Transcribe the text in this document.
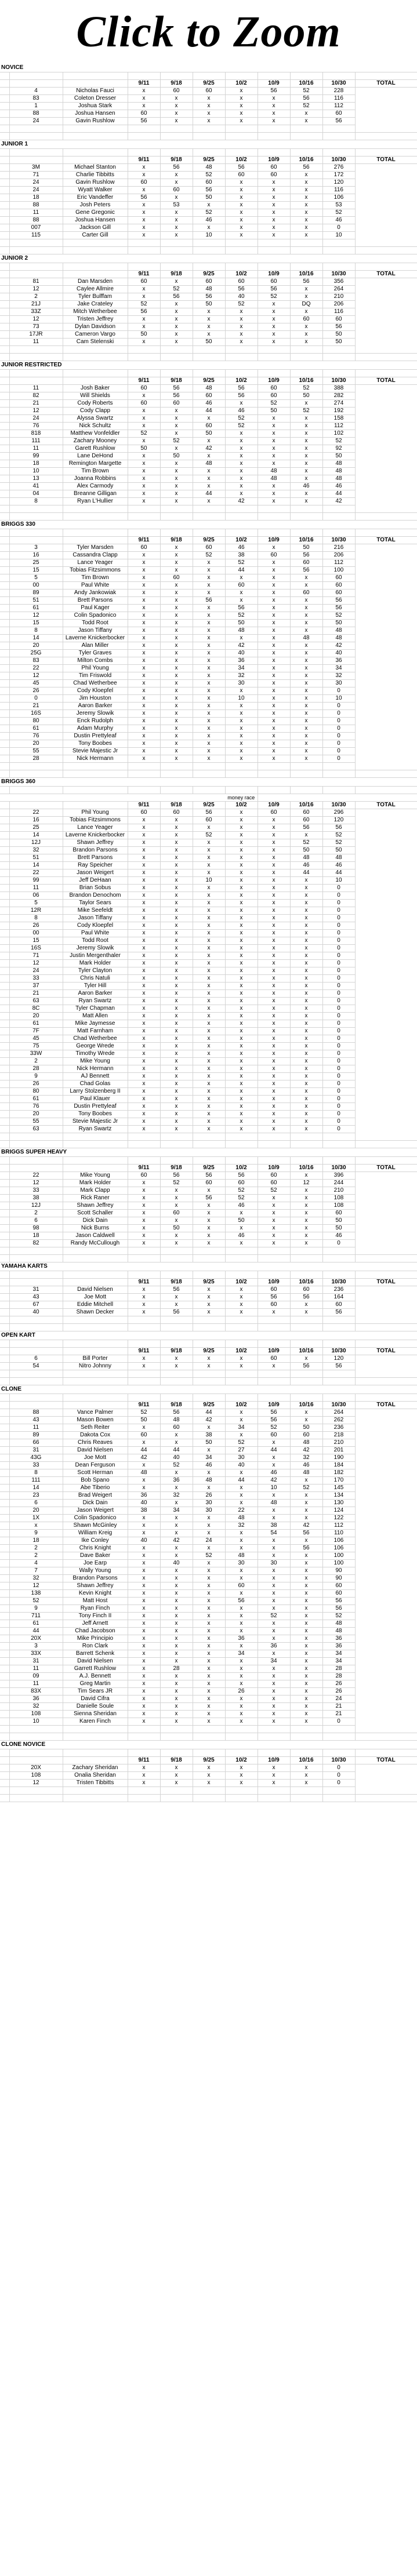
Click to Zoom
NOVICE										

			9/11	9/18	9/25	10/2	10/9	10/16	10/30	TOTAL
	4	Nicholas Fauci	x	60	60	x	56	52	228	
	83	Coleton Dresser	x	x	x	x	x	56	116	
	1	Joshua Stark	x	x	x	x	x	52	112	
	88	Joshua Hansen	60	x	x	x	x	x	60	
	24	Gavin Rushlow	56	x	x	x	x	x	56	

JUNIOR 1										

			9/11	9/18	9/25	10/2	10/9	10/16	10/30	TOTAL
	3M	Michael Stanton	x	56	48	56	60	56	276	
	71	Charlie Tibbitts	x	x	52	60	60	x	172	
	24	Gavin Rushlow	60	x	60	x	x	x	120	
	24	Wyatt Walker	x	60	56	x	x	x	116	
	18	Eric Vandeffer	56	x	50	x	x	x	106	
	88	Josh Peters	x	53	x	x	x	x	53	
	11	Gene Gregonic	x	x	52	x	x	x	52	
	88	Joshua Hansen	x	x	46	x	x	x	46	
	007	Jackson Gill	x	x	x	x	x	x	0	
	115	Carter Gill	x	x	10	x	x	x	10	

JUNIOR 2										

			9/11	9/18	9/25	10/2	10/9	10/16	10/30	TOTAL
	81	Dan Marsden	60	x	60	60	60	56	356	
	12	Caylee Allmire	x	52	48	56	56	x	264	
	2	Tyler Bulffam	x	56	56	40	52	x	210	
	21J	Jake Crateley	52	x	50	52	x	DQ	206	
	33Z	Mitch Wetherbee	56	x	x	x	x	x	116	
	12	Tristen Jeffrey	x	x	x	x	x	60	60	
	73	Dylan Davidson	x	x	x	x	x	x	56	
	17JR	Cameron Vargo	50	x	x	x	x	x	50	
	11	Cam Stelenski	x	x	50	x	x	x	50	

JUNIOR RESTRICTED										

			9/11	9/18	9/25	10/2	10/9	10/16	10/30	TOTAL
	11	Josh Baker	60	56	48	56	60	52	388	
	82	Will Shields	x	56	60	56	60	50	282	
	21	Cody Roberts	60	60	46	x	52	x	274	
	12	Cody Clapp	x	x	44	46	50	52	192	
	24	Alyssa Swartz	x	x	x	52	x	x	158	
	76	Nick Schultz	x	x	60	52	x	x	112	
	818	Matthew Vonfeldler	52	x	50	x	x	x	102	
	111	Zachary Mooney	x	52	x	x	x	x	52	
	11	Garett Rushlow	50	x	42	x	x	x	92	
	99	Lane DeHond	x	50	x	x	x	x	50	
	18	Remington Margette	x	x	48	x	x	x	48	
	10	Tim Brown	x	x	x	x	48	x	48	
	13	Joanna Robbins	x	x	x	x	48	x	48	
	41	Alex Carmody	x	x	x	x	x	46	46	
	04	Breanne Gilligan	x	x	44	x	x	x	44	
	8	Ryan L'Hullier	x	x	x	42	x	x	42	

BRIGGS 330										

			9/11	9/18	9/25	10/2	10/9	10/16	10/30	TOTAL
	3	Tyler Marsden	60	x	60	46	x	50	216	
	16	Cassandra Clapp	x	x	52	38	60	56	206	
	25	Lance Yeager	x	x	x	52	x	60	112	
	15	Tobias Fitzsimmons	x	x	x	44	x	56	100	
	5	Tim Brown	x	60	x	x	x	x	60	
	00	Paul White	x	x	x	60	x	x	60	
	89	Andy Jankowiak	x	x	x	x	x	60	60	
	51	Brett Parsons	x	x	56	x	x	x	56	
	61	Paul Kager	x	x	x	56	x	x	56	
	12	Colin Spadonico	x	x	x	52	x	x	52	
	15	Todd Root	x	x	x	50	x	x	50	
	8	Jason Tiffany	x	x	x	48	x	x	48	
	14	Laverne Knickerbocker	x	x	x	x	x	48	48	
	20	Alan Miller	x	x	x	42	x	x	42	
	25G	Tyler Graves	x	x	x	40	x	x	40	
	83	Milton Combs	x	x	x	36	x	x	36	
	22	Phil Young	x	x	x	34	x	x	34	
	12	Tim Friswold	x	x	x	32	x	x	32	
	45	Chad Wetherbee	x	x	x	30	x	x	30	
	26	Cody Kloepfel	x	x	x	x	x	x	0	
	0	Jim Houston	x	x	x	10	x	x	10	
	21	Aaron Barker	x	x	x	x	x	x	0	
	16S	Jeremy Slowik	x	x	x	x	x	x	0	
	80	Enck Rudolph	x	x	x	x	x	x	0	
	61	Adam Murphy	x	x	x	x	x	x	0	
	76	Dustin Prettyleaf	x	x	x	x	x	x	0	
	20	Tony Boobes	x	x	x	x	x	x	0	
	55	Stevie Majestic Jr	x	x	x	x	x	x	0	
	28	Nick Hermann	x	x	x	x	x	x	0	

BRIGGS 360										

						money race				
			9/11	9/18	9/25	10/2	10/9	10/16	10/30	TOTAL
	22	Phil Young	60	60	56	x	60	60	296	
	16	Tobias Fitzsimmons	x	x	60	x	x	60	120	
	25	Lance Yeager	x	x	x	x	x	56	56	
	14	Laverne Knickerbocker	x	x	52	x	x	x	52	
	12J	Shawn Jeffrey	x	x	x	x	x	52	52	
	32	Brandon Parsons	x	x	x	x	x	50	50	
	51	Brett Parsons	x	x	x	x	x	48	48	
	14	Ray Speicher	x	x	x	x	x	46	46	
	22	Jason Weigert	x	x	x	x	x	44	44	
	99	Jeff DeHaan	x	x	10	x	x	x	10	
	11	Brian Sobus	x	x	x	x	x	x	0	
	06	Brandon Denochom	x	x	x	x	x	x	0	
	5	Taylor Sears	x	x	x	x	x	x	0	
	12R	Mike Seefeldt	x	x	x	x	x	x	0	
	8	Jason Tiffany	x	x	x	x	x	x	0	
	26	Cody Kloepfel	x	x	x	x	x	x	0	
	00	Paul White	x	x	x	x	x	x	0	
	15	Todd Root	x	x	x	x	x	x	0	
	16S	Jeremy Slowik	x	x	x	x	x	x	0	
	71	Justin Mergenthaler	x	x	x	x	x	x	0	
	12	Mark Holder	x	x	x	x	x	x	0	
	24	Tyler Clayton	x	x	x	x	x	x	0	
	33	Chris Natuli	x	x	x	x	x	x	0	
	37	Tyler Hill	x	x	x	x	x	x	0	
	21	Aaron Barker	x	x	x	x	x	x	0	
	63	Ryan Swartz	x	x	x	x	x	x	0	
	8C	Tyler Chapman	x	x	x	x	x	x	0	
	20	Matt Allen	x	x	x	x	x	x	0	
	61	Mike Jaymesse	x	x	x	x	x	x	0	
	7F	Matt Farnham	x	x	x	x	x	x	0	
	45	Chad Wetherbee	x	x	x	x	x	x	0	
	75	George Wrede	x	x	x	x	x	x	0	
	33W	Timothy Wrede	x	x	x	x	x	x	0	
	2	Mike Young	x	x	x	x	x	x	0	
	28	Nick Hermann	x	x	x	x	x	x	0	
	9	AJ Bennett	x	x	x	x	x	x	0	
	26	Chad Golas	x	x	x	x	x	x	0	
	80	Larry Stolzenberg II	x	x	x	x	x	x	0	
	61	Paul Klauer	x	x	x	x	x	x	0	
	76	Dustin Prettyleaf	x	x	x	x	x	x	0	
	20	Tony Boobes	x	x	x	x	x	x	0	
	55	Stevie Majestic Jr	x	x	x	x	x	x	0	
	63	Ryan Swartz	x	x	x	x	x	x	0	

BRIGGS SUPER HEAVY										

			9/11	9/18	9/25	10/2	10/9	10/16	10/30	TOTAL
	22	Mike Young	60	56	56	56	60	x	396	
	12	Mark Holder	x	52	60	60	60	12	244	
	33	Mark Clapp	x	x	x	52	52	x	210	
	38	Rick Raner	x	x	56	52	x	x	108	
	12J	Shawn Jeffrey	x	x	x	46	x	x	108	
	2	Scott Schaller	x	60	x	x	x	x	60	
	6	Dick Dain	x	x	x	50	x	x	50	
	98	Nick Burns	x	50	x	x	x	x	50	
	18	Jason Caldwell	x	x	x	46	x	x	46	
	82	Randy McCullough	x	x	x	x	x	x	0	

YAMAHA KARTS										

			9/11	9/18	9/25	10/2	10/9	10/16	10/30	TOTAL
	31	David Nielsen	x	56	x	x	60	60	236	
	43	Joe Mott	x	x	x	x	56	56	164	
	67	Eddie Mitchell	x	x	x	x	60	x	60	
	40	Shawn Decker	x	56	x	x	x	x	56	

OPEN KART										

			9/11	9/18	9/25	10/2	10/9	10/16	10/30	TOTAL
	6	Bill Porter	x	x	x	x	60	x	120	
	54	Nitro Johnny	x	x	x	x	x	56	56	

CLONE										

			9/11	9/18	9/25	10/2	10/9	10/16	10/30	TOTAL
	88	Vance Palmer	52	56	44	x	56	x	264	
	43	Mason Bowen	50	48	42	x	56	x	262	
	11	Seth Reiter	x	60	x	34	52	50	236	
	89	Dakota Cox	60	x	38	x	60	60	218	
	66	Chris Reaves	x	x	50	52	x	48	210	
	31	David Nielsen	44	44	x	27	44	42	201	
	43G	Joe Mott	42	40	34	30	x	32	190	
	33	Dean Ferguson	x	52	46	40	x	46	184	
	8	Scott Herman	48	x	x	x	46	48	182	
	111	Bob Spano	x	36	48	44	42	x	170	
	14	Abe Tiberio	x	x	x	x	10	52	145	
	23	Brad Weigert	36	32	26	x	x	x	134	
	6	Dick Dain	40	x	30	x	48	x	130	
	20	Jason Weigert	38	34	30	22	x	x	124	
	1X	Colin Spadonico	x	x	x	48	x	x	122	
	x	Shawn McGinley	x	x	x	32	38	42	112	
	9	William Kreig	x	x	x	x	54	56	110	
	18	Ike Conley	40	42	24	x	x	x	106	
	2	Chris Knight	x	x	x	x	x	56	106	
	2	Dave Baker	x	x	52	48	x	x	100	
	4	Joe Earp	x	40	x	30	30	x	100	
	7	Wally Young	x	x	x	x	x	x	90	
	32	Brandon Parsons	x	x	x	x	x	x	90	
	12	Shawn Jeffrey	x	x	x	60	x	x	60	
	138	Kevin Knight	x	x	x	x	x	x	60	
	52	Matt Host	x	x	x	56	x	x	56	
	9	Ryan Finch	x	x	x	x	x	x	56	
	711	Tony Finch II	x	x	x	x	52	x	52	
	61	Jeff Arnett	x	x	x	x	x	x	48	
	44	Chad Jacobson	x	x	x	x	x	x	48	
	20X	Mike Principio	x	x	x	36	x	x	36	
	3	Ron Clark	x	x	x	x	36	x	36	
	33X	Barrett Schenk	x	x	x	34	x	x	34	
	31	David Nielsen	x	x	x	x	34	x	34	
	11	Garrett Rushlow	x	28	x	x	x	x	28	
	09	A.J. Bennett	x	x	x	x	x	x	28	
	11	Greg Martin	x	x	x	x	x	x	26	
	83X	Tim Sears JR	x	x	x	26	x	x	26	
	36	David Cifra	x	x	x	x	x	x	24	
	32	Danielle Soule	x	x	x	x	x	x	21	
	108	Sienna Sheridan	x	x	x	x	x	x	21	
	10	Karen Finch	x	x	x	x	x	x	0	

CLONE NOVICE										

			9/11	9/18	9/25	10/2	10/9	10/16	10/30	TOTAL
	20X	Zachary Sheridan	x	x	x	x	x	x	0	
	108	Onalia Sheridan	x	x	x	x	x	x	0	
	12	Tristen Tibbitts	x	x	x	x	x	x	0	
